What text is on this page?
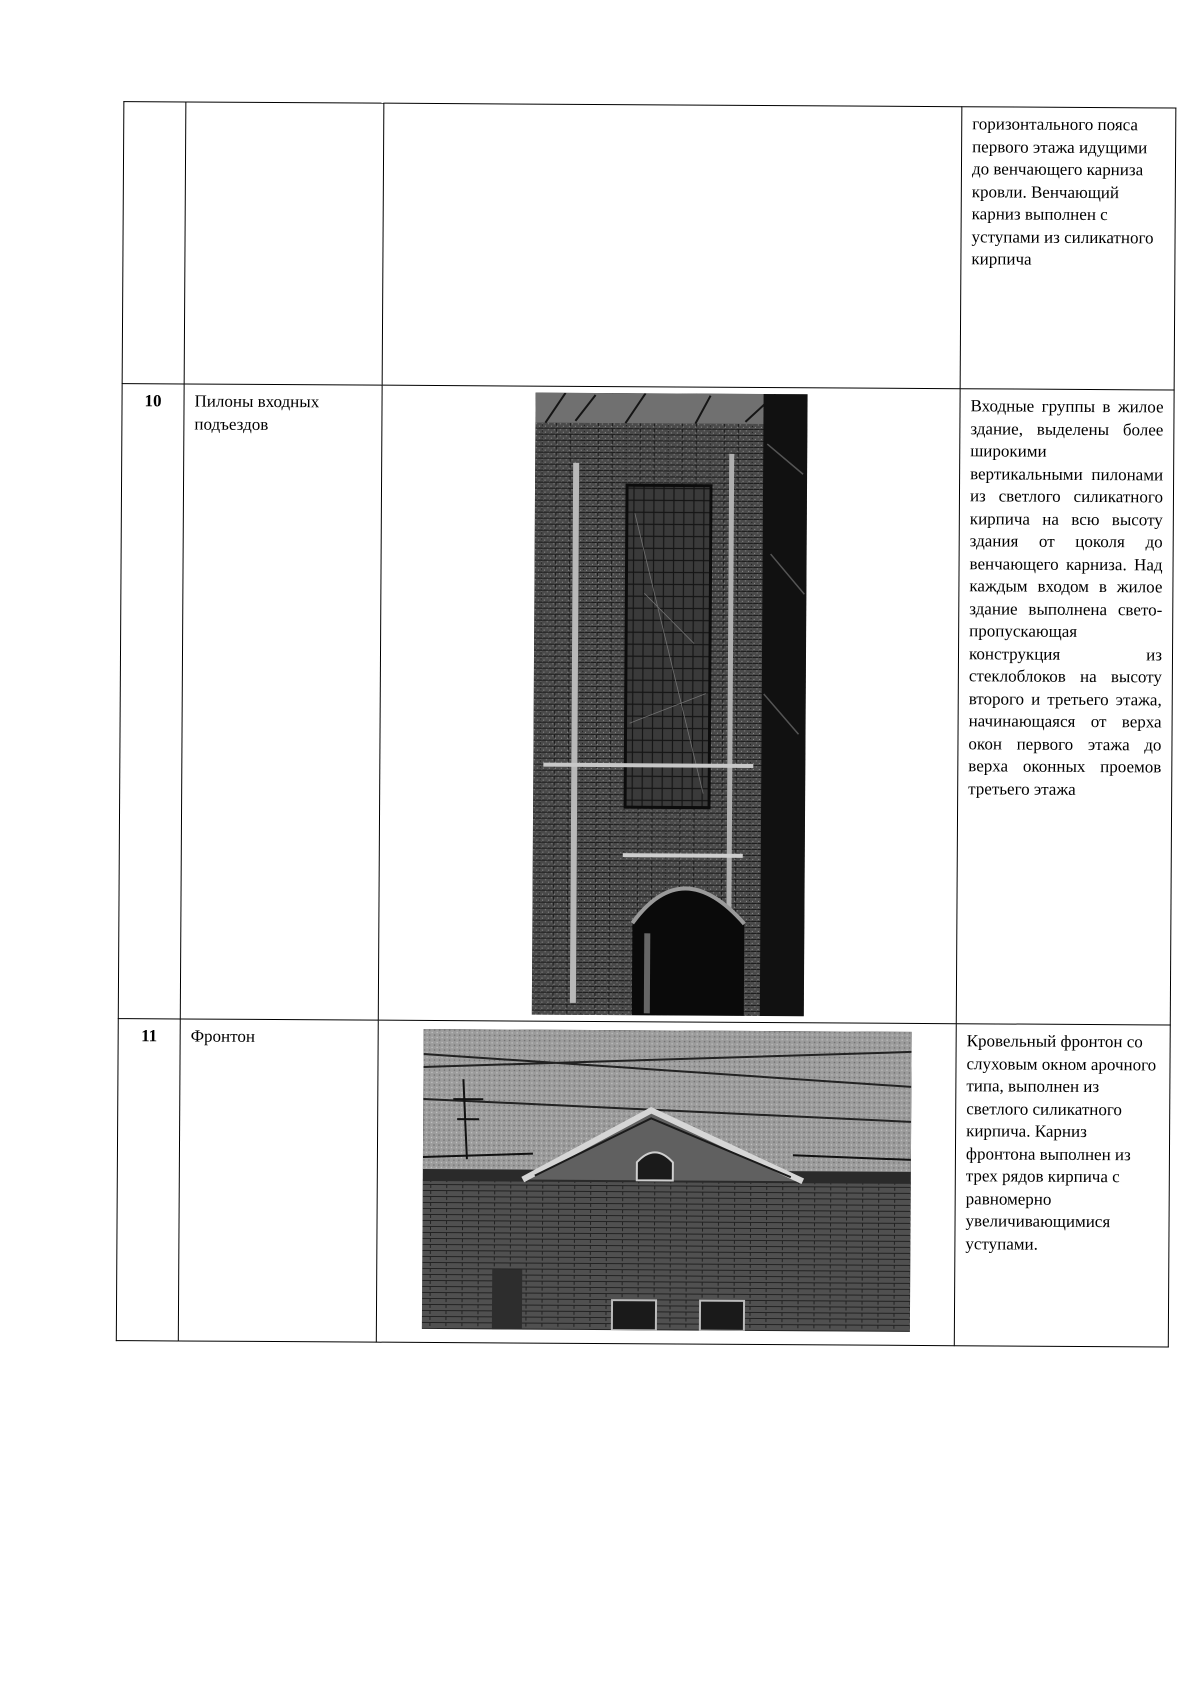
			горизонтального пояса первого этажа идущими до венчающего карниза кровли. Венчающий карниз выполнен с уступами из силикатного кирпича
10	Пилоны входных подъездов		Входные группы в жилое здание, выделены более широкими вертикальными пилонами из светлого силикатного кирпича на всю высоту здания от цоколя до венчающего карниза. Над каждым входом в жилое здание выполнена свето-пропускающая конструкция из стеклоблоков на высоту второго и третьего этажа, начинающаяся от верха окон первого этажа до верха оконных проемов третьего этажа
11	Фронтон		Кровельный фронтон со слуховым окном арочного типа, выполнен из светлого силикатного кирпича. Карниз фронтона выполнен из трех рядов кирпича с равномерно увеличивающимися уступами.
